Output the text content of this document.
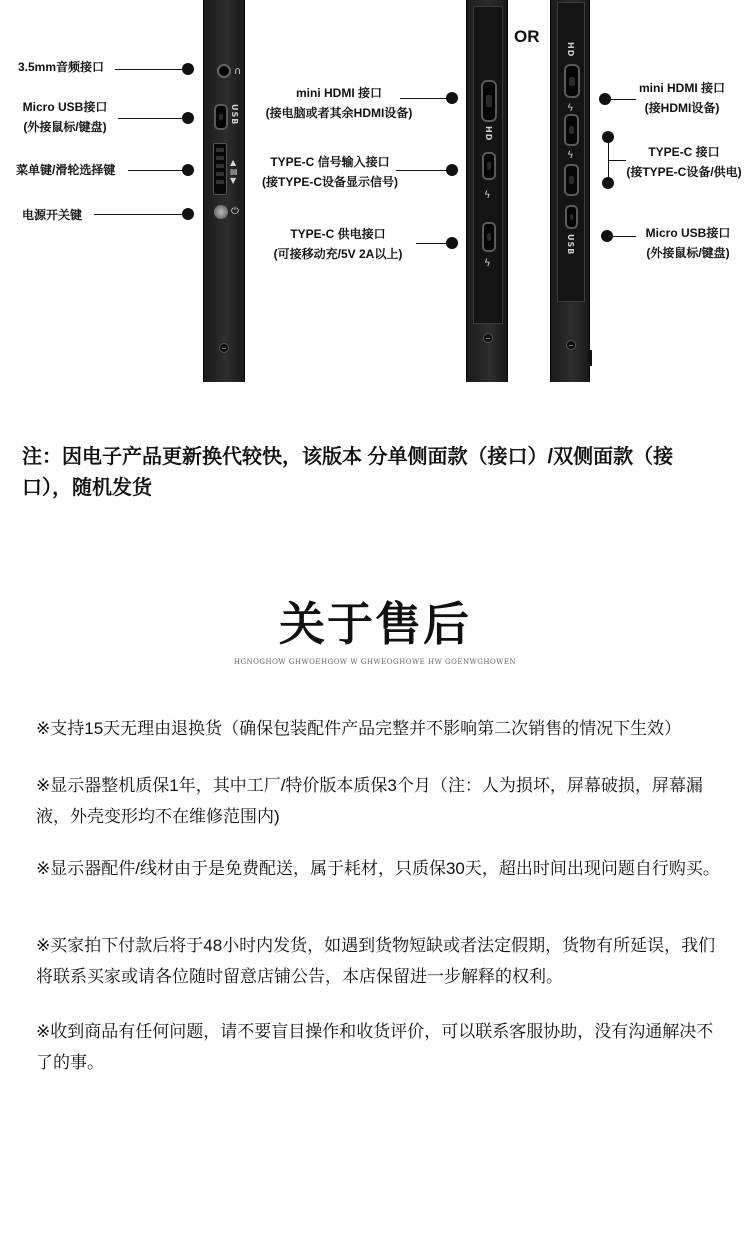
∩
USB
▲
▤
▼
⏻
3.5mm音频接口
Micro USB接口
(外接鼠标/键盘)
菜单键/滑轮选择键
电源开关键
HD
ϟ
ϟ
OR
mini HDMI 接口
(接电脑或者其余HDMI设备)
TYPE-C 信号输入接口
(接TYPE-C设备显示信号)
TYPE-C 供电接口
(可接移动充/5V 2A以上)
HD
ϟ
ϟ
USB
mini HDMI 接口
(接HDMI设备)
TYPE-C 接口
(接TYPE-C设备/供电)
Micro USB接口
(外接鼠标/键盘)
注：因电子产品更新换代较快，该版本 分单侧面款（接口）/双侧面款（接口），随机发货
关于售后
HGNOGHOW GHWOEHGOW W GHWEOGHOWE HW GOENWGHOWEN
※支持15天无理由退换货（确保包装配件产品完整并不影响第二次销售的情况下生效）
※显示器整机质保1年，其中工厂/特价版本质保3个月（注：人为损坏，屏幕破损，屏幕漏液，外壳变形均不在维修范围内)
※显示器配件/线材由于是免费配送，属于耗材，只质保30天，超出时间出现问题自行购买。
※买家拍下付款后将于48小时内发货，如遇到货物短缺或者法定假期，货物有所延误，我们将联系买家或请各位随时留意店铺公告，本店保留进一步解释的权利。
※收到商品有任何问题，请不要盲目操作和收货评价，可以联系客服协助，没有沟通解决不了的事。
